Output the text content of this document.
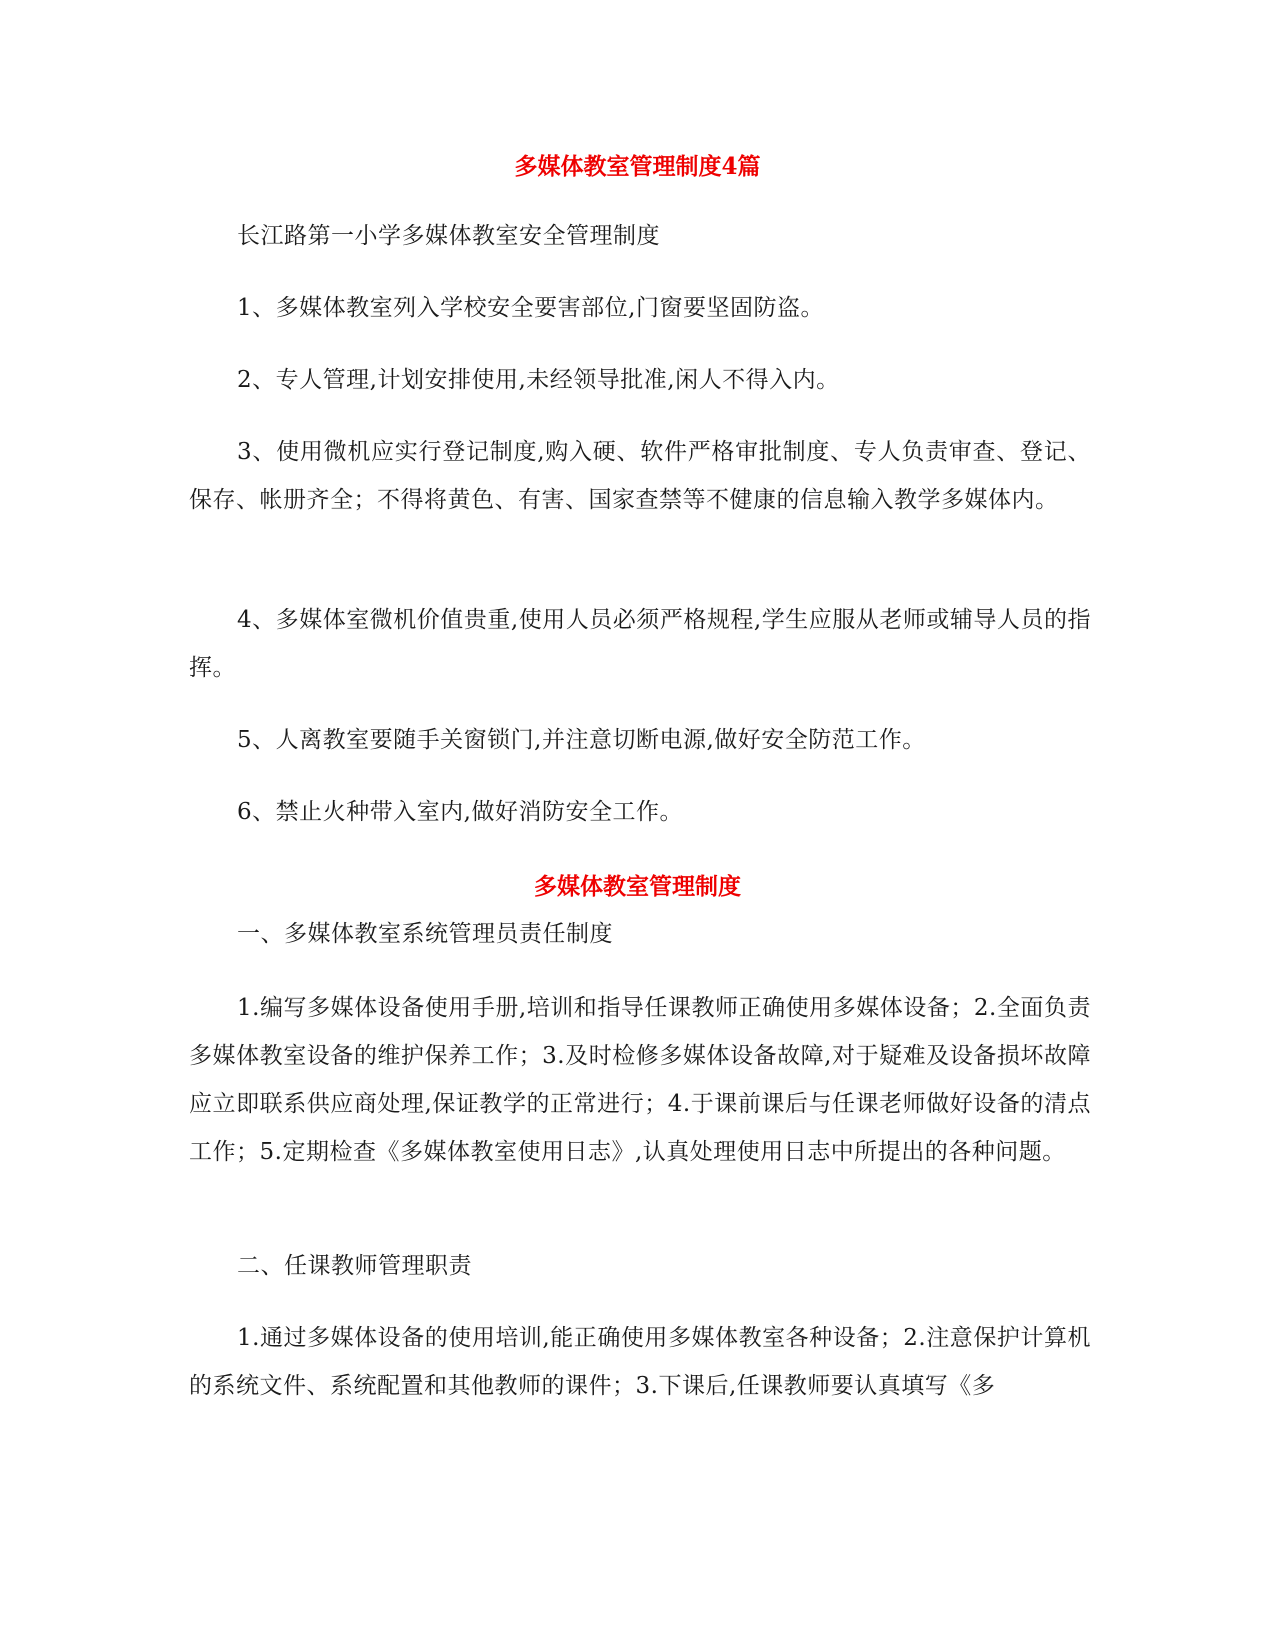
多媒体教室管理制度4篇

长江路第一小学多媒体教室安全管理制度

1、多媒体教室列入学校安全要害部位,门窗要坚固防盗。

2、专人管理,计划安排使用,未经领导批准,闲人不得入内。

3、使用微机应实行登记制度,购入硬、软件严格审批制度、专人负责审查、登记、保存、帐册齐全；不得将黄色、有害、国家查禁等不健康的信息输入教学多媒体内。

4、多媒体室微机价值贵重,使用人员必须严格规程,学生应服从老师或辅导人员的指挥。

5、人离教室要随手关窗锁门,并注意切断电源,做好安全防范工作。

6、禁止火种带入室内,做好消防安全工作。

多媒体教室管理制度

一、多媒体教室系统管理员责任制度

1.编写多媒体设备使用手册,培训和指导任课教师正确使用多媒体设备；2.全面负责多媒体教室设备的维护保养工作；3.及时检修多媒体设备故障,对于疑难及设备损坏故障应立即联系供应商处理,保证教学的正常进行；4.于课前课后与任课老师做好设备的清点工作；5.定期检查《多媒体教室使用日志》,认真处理使用日志中所提出的各种问题。

二、任课教师管理职责

1.通过多媒体设备的使用培训,能正确使用多媒体教室各种设备；2.注意保护计算机的系统文件、系统配置和其他教师的课件；3.下课后,任课教师要认真填写《多
